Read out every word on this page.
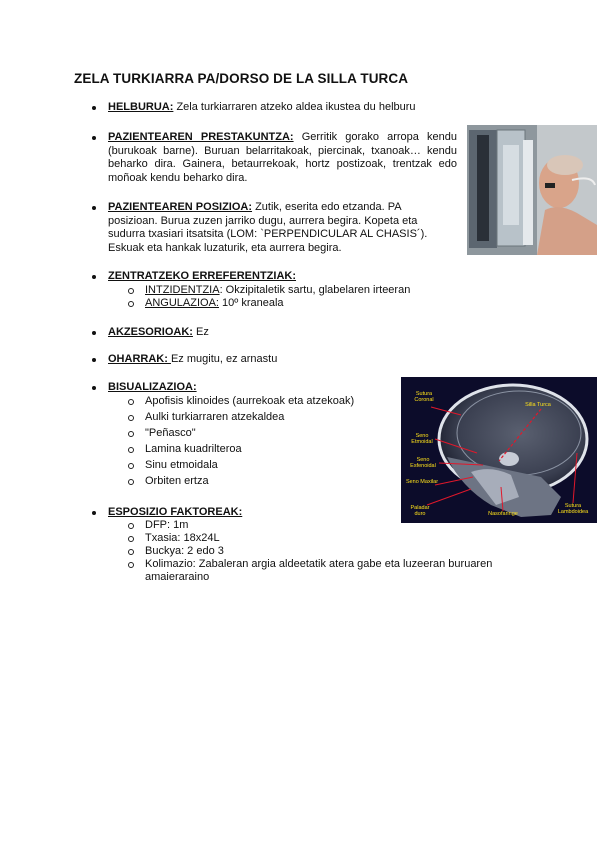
ZELA TURKIARRA PA/DORSO DE LA SILLA TURCA
HELBURUA: Zela turkiarraren atzeko aldea ikustea du helburu
PAZIENTEAREN PRESTAKUNTZA: Gerritik gorako arropa kendu (burukoak barne). Buruan belarritakoak, piercinak, txanoak… kendu beharko dira. Gainera, betaurrekoak, hortz postizoak, trentzak edo moñoak kendu beharko dira.
PAZIENTEAREN POSIZIOA: Zutik, eserita edo etzanda. PA posizioan. Burua zuzen jarriko dugu, aurrera begira. Kopeta eta sudurra txasiari itsatsita (LOM: `PERPENDICULAR AL CHASIS´). Eskuak eta hankak luzaturik, eta aurrera begira.
ZENTRATZEKO ERREFERENTZIAK:
INTZIDENTZIA: Okzipitaletik sartu, glabelaren irteeran
ANGULAZIOA: 10º kraneala
AKZESORIOAK: Ez
OHARRAK: Ez mugitu, ez arnastu
BISUALIZAZIOA:
Apofisis klinoides (aurrekoak eta atzekoak)
Aulki turkiarraren atzekaldea
"Peñasco"
Lamina kuadrilteroa
Sinu etmoidala
Orbiten ertza
Sutura Coronal
Silla Turca
Seno Etmoidal
Seno Esfenoidal
Seno Maxilar
Paladar duro	Nasofaringe
Sutura Lambdoidea
ESPOSIZIO FAKTOREAK:
DFP: 1m
Txasia: 18x24L
Buckya: 2 edo 3
Kolimazio: Zabaleran argia aldeetatik atera gabe eta luzeeran buruaren
amaieraraino
